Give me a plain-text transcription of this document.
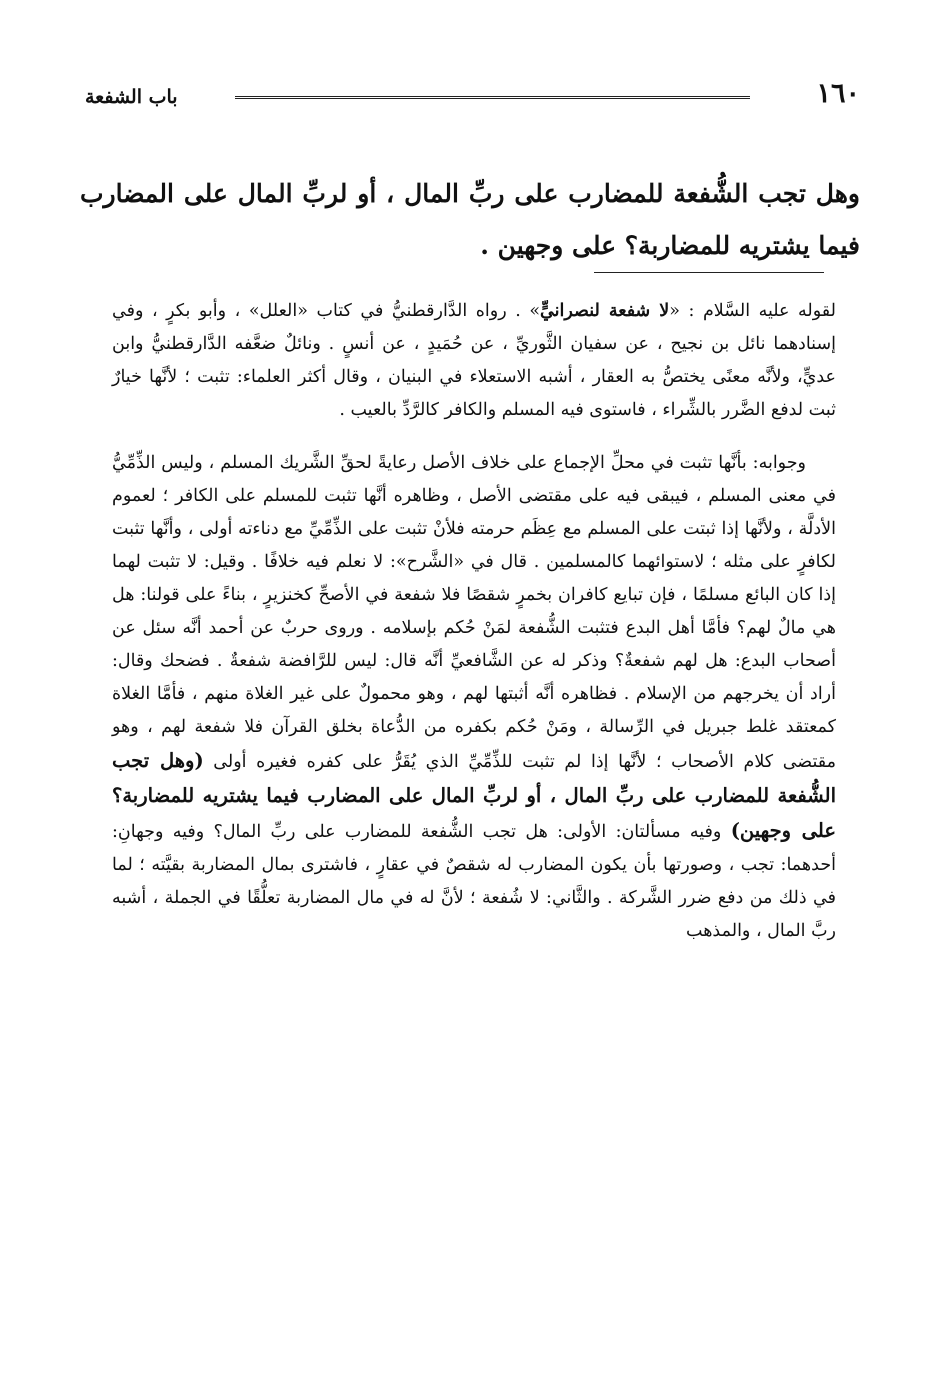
١٦٠
باب الشفعة
وهل تجب الشُّفعة للمضارب على ربِّ المال ، أو لربِّ المال على المضارب فيما يشتريه للمضاربة؟ على وجهين .

لقوله عليه السَّلام : «لا شفعة لنصرانيٍّ» . رواه الدَّارقطنيُّ في كتاب «العلل» ، وأبو بكرٍ ، وفي إسنادهما نائل بن نجيح ، عن سفيان الثَّوريِّ ، عن حُمَيدٍ ، عن أنسٍ . ونائلٌ ضعَّفه الدَّارقطنيُّ وابن عديٍّ، ولأنَّه معنًى يختصُّ به العقار ، أشبه الاستعلاء في البنيان ، وقال أكثر العلماء: تثبت ؛ لأنَّها خيارٌ ثبت لدفع الضَّرر بالشِّراء ، فاستوى فيه المسلم والكافر كالرَّدِّ بالعيب .

وجوابه: بأنَّها تثبت في محلِّ الإجماع على خلاف الأصل رعايةً لحقِّ الشَّريك المسلم ، وليس الذِّمِّيُّ في معنى المسلم ، فيبقى فيه على مقتضى الأصل ، وظاهره أنَّها تثبت للمسلم على الكافر ؛ لعموم الأدلَّة ، ولأنَّها إذا ثبتت على المسلم مع عِظَم حرمته فلأنْ تثبت على الذِّمِّيِّ مع دناءته أولى ، وأنَّها تثبت لكافرٍ على مثله ؛ لاستوائهما كالمسلمين . قال في «الشَّرح»: لا نعلم فيه خلافًا . وقيل: لا تثبت لهما إذا كان البائع مسلمًا ، فإن تبايع كافران بخمرٍ شقصًا فلا شفعة في الأصحِّ كخنزيرٍ ، بناءً على قولنا: هل هي مالٌ لهم؟ فأمَّا أهل البدع فتثبت الشُّفعة لمَنْ حُكم بإسلامه . وروى حربٌ عن أحمد أنَّه سئل عن أصحاب البدع: هل لهم شفعةٌ؟ وذكر له عن الشَّافعيِّ أنَّه قال: ليس للرَّافضة شفعةٌ . فضحك وقال: أراد أن يخرجهم من الإسلام . فظاهره أنَّه أثبتها لهم ، وهو محمولٌ على غير الغلاة منهم ، فأمَّا الغلاة كمعتقد غلط جبريل في الرِّسالة ، ومَنْ حُكم بكفره من الدُّعاة بخلق القرآن فلا شفعة لهم ، وهو مقتضى كلام الأصحاب ؛ لأنَّها إذا لم تثبت للذِّمِّيِّ الذي يُقَرُّ على كفره فغيره أولى (وهل تجب الشُّفعة للمضارب على ربِّ المال ، أو لربِّ المال على المضارب فيما يشتريه للمضاربة؟ على وجهين) وفيه مسألتان: الأولى: هل تجب الشُّفعة للمضارب على ربِّ المال؟ وفيه وجهانِ: أحدهما: تجب ، وصورتها بأن يكون المضارب له شقصٌ في عقارٍ ، فاشترى بمال المضاربة بقيَّته ؛ لما في ذلك من دفع ضرر الشَّركة . والثَّاني: لا شُفعة ؛ لأنَّ له في مال المضاربة تعلُّقًا في الجملة ، أشبه ربَّ المال ، والمذهب
